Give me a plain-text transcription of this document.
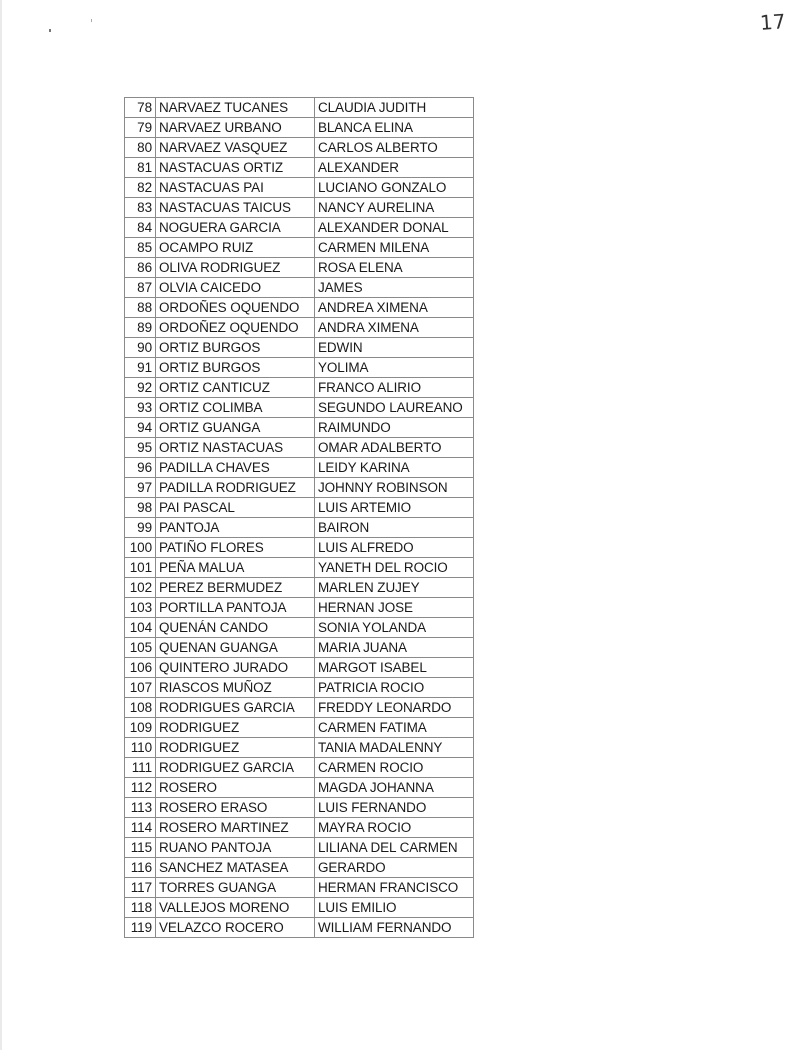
17
78	NARVAEZ TUCANES	CLAUDIA JUDITH
79	NARVAEZ URBANO	BLANCA ELINA
80	NARVAEZ VASQUEZ	CARLOS ALBERTO
81	NASTACUAS ORTIZ	ALEXANDER
82	NASTACUAS PAI	LUCIANO GONZALO
83	NASTACUAS TAICUS	NANCY AURELINA
84	NOGUERA GARCIA	ALEXANDER DONAL
85	OCAMPO RUIZ	CARMEN MILENA
86	OLIVA RODRIGUEZ	ROSA ELENA
87	OLVIA CAICEDO	JAMES
88	ORDOÑES OQUENDO	ANDREA XIMENA
89	ORDOÑEZ OQUENDO	ANDRA XIMENA
90	ORTIZ BURGOS	EDWIN
91	ORTIZ BURGOS	YOLIMA
92	ORTIZ CANTICUZ	FRANCO ALIRIO
93	ORTIZ COLIMBA	SEGUNDO LAUREANO
94	ORTIZ GUANGA	RAIMUNDO
95	ORTIZ NASTACUAS	OMAR ADALBERTO
96	PADILLA CHAVES	LEIDY KARINA
97	PADILLA RODRIGUEZ	JOHNNY ROBINSON
98	PAI PASCAL	LUIS ARTEMIO
99	PANTOJA	BAIRON
100	PATIÑO FLORES	LUIS ALFREDO
101	PEÑA MALUA	YANETH DEL ROCIO
102	PEREZ BERMUDEZ	MARLEN ZUJEY
103	PORTILLA PANTOJA	HERNAN JOSE
104	QUENÁN CANDO	SONIA YOLANDA
105	QUENAN GUANGA	MARIA JUANA
106	QUINTERO JURADO	MARGOT ISABEL
107	RIASCOS MUÑOZ	PATRICIA ROCIO
108	RODRIGUES GARCIA	FREDDY LEONARDO
109	RODRIGUEZ	CARMEN FATIMA
110	RODRIGUEZ	TANIA MADALENNY
111	RODRIGUEZ GARCIA	CARMEN ROCIO
112	ROSERO	MAGDA JOHANNA
113	ROSERO ERASO	LUIS FERNANDO
114	ROSERO MARTINEZ	MAYRA ROCIO
115	RUANO PANTOJA	LILIANA DEL CARMEN
116	SANCHEZ MATASEA	GERARDO
117	TORRES GUANGA	HERMAN FRANCISCO
118	VALLEJOS MORENO	LUIS EMILIO
119	VELAZCO ROCERO	WILLIAM FERNANDO
